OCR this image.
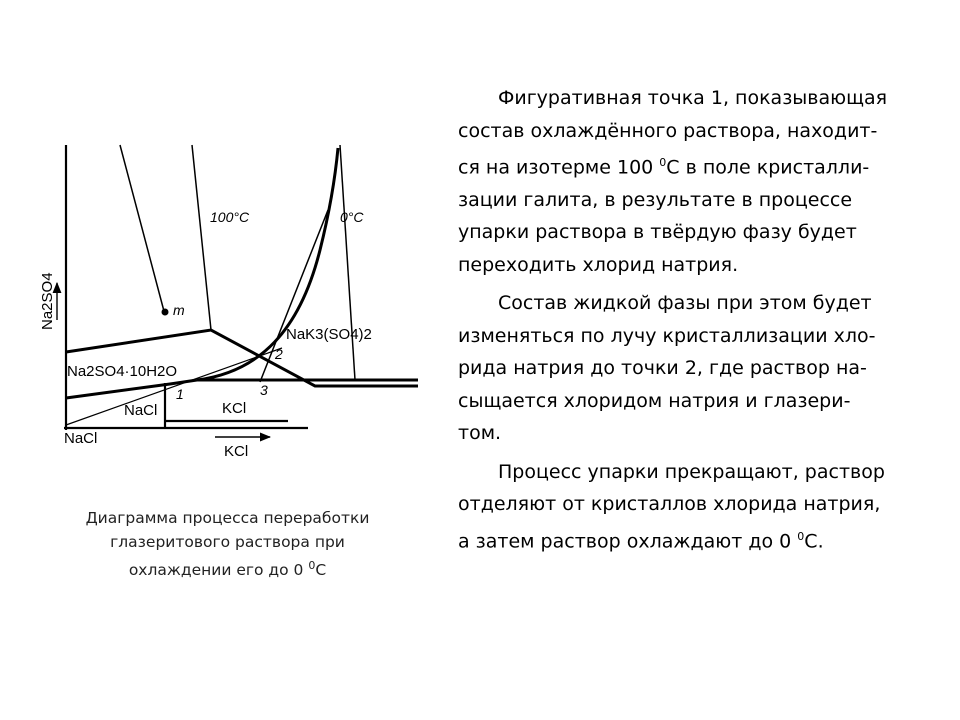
100°C	0°C
m
NaK3(SO4)2
Na2SO4·10H2O
NaCl	KCl
NaCl
KCl
Na2SO4
1
2
3
Диаграмма процесса переработки
глазеритового раствора при
охлаждении его до 0 $^0$С

Фигуративная точка 1, показывающая
состав охлаждённого раствора, находит-
ся на изотерме 100 $^0$С в поле кристалли-
зации галита, в результате в процессе
упарки раствора в твёрдую фазу будет
переходить хлорид натрия.

Состав жидкой фазы при этом будет
изменяться по лучу кристаллизации хло-
рида натрия до точки 2, где раствор на-
сыщается хлоридом натрия и глазери-
том.

Процесс упарки прекращают, раствор
отделяют от кристаллов хлорида натрия,
а затем раствор охлаждают до 0 $^0$С.
